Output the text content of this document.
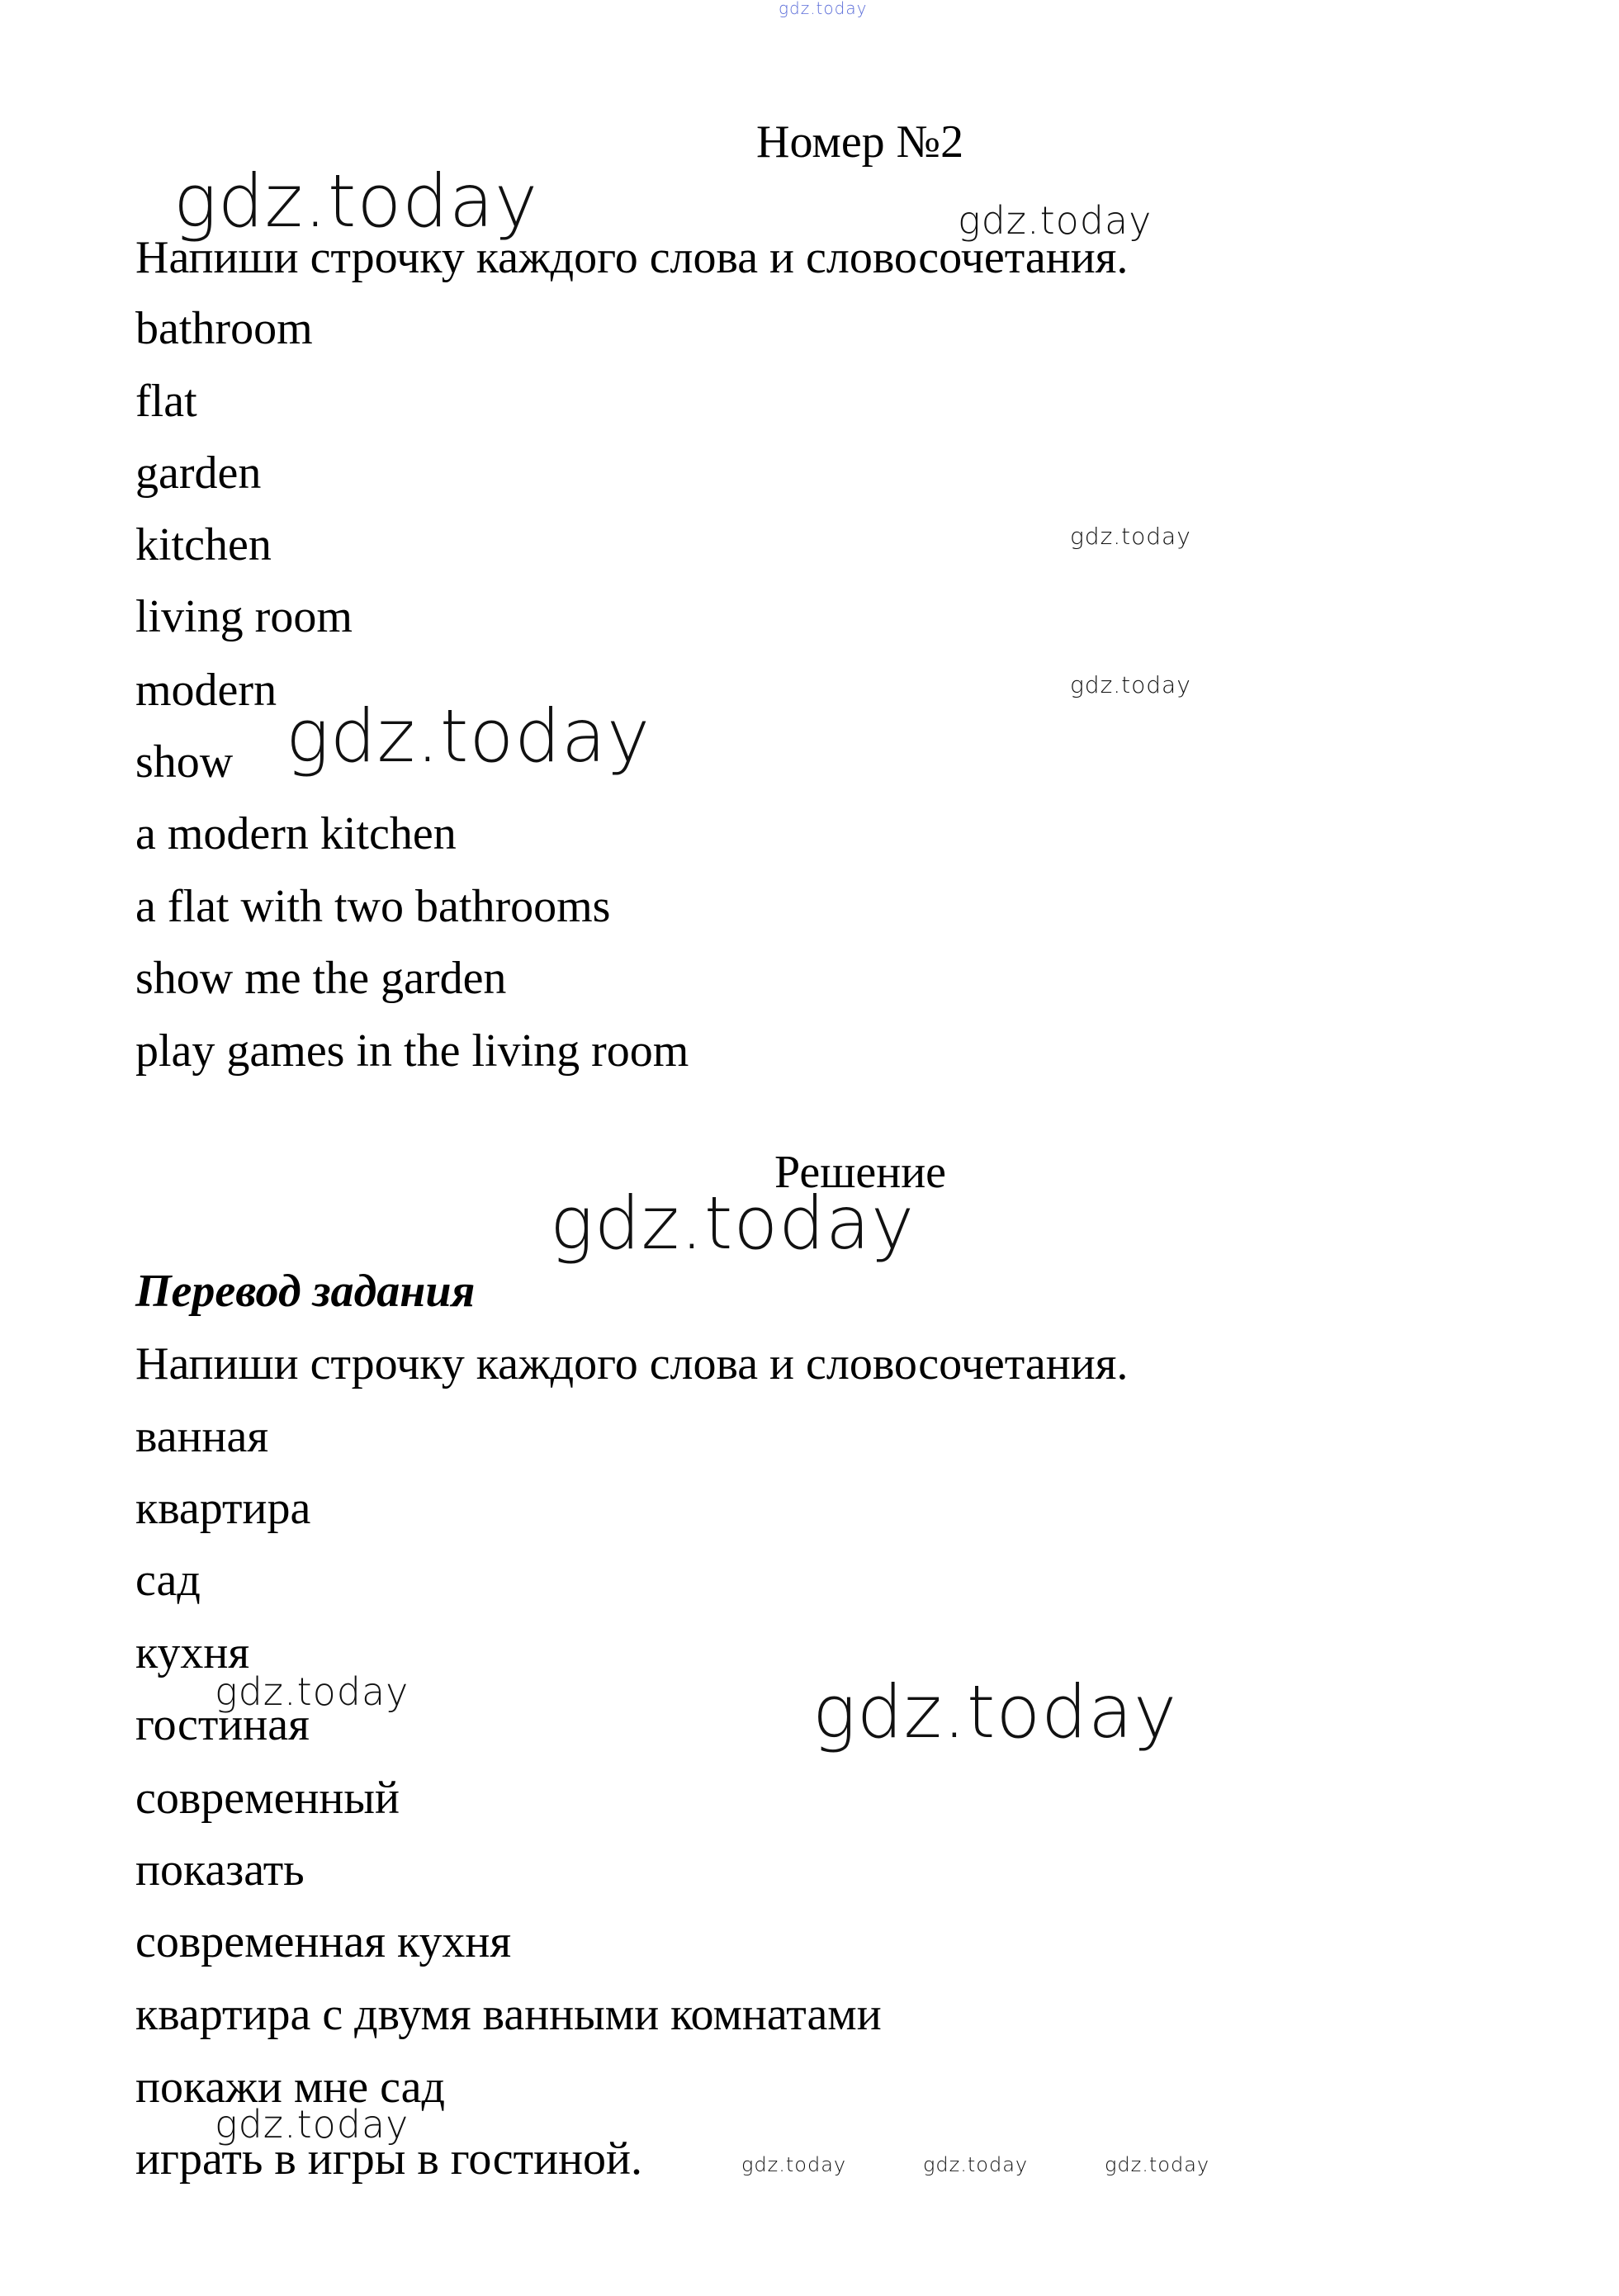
gdz.today
Номер №2
gdz.today	gdz.today
Напиши строчку каждого слова и словосочетания.
bathroom
flat
garden
kitchen	gdz.today
living room
modern	gdz.today
gdz.today
show
a modern kitchen
a flat with two bathrooms
show me the garden
play games in the living room
Решение
gdz.today
Перевод задания
Напиши строчку каждого слова и словосочетания.
ванная
квартира
сад
кухня
gdz.today
гостиная	gdz.today
современный
показать
современная кухня
квартира с двумя ванными комнатами
покажи мне сад
gdz.today
играть в игры в гостиной.	gdz.today	gdz.today	gdz.today
